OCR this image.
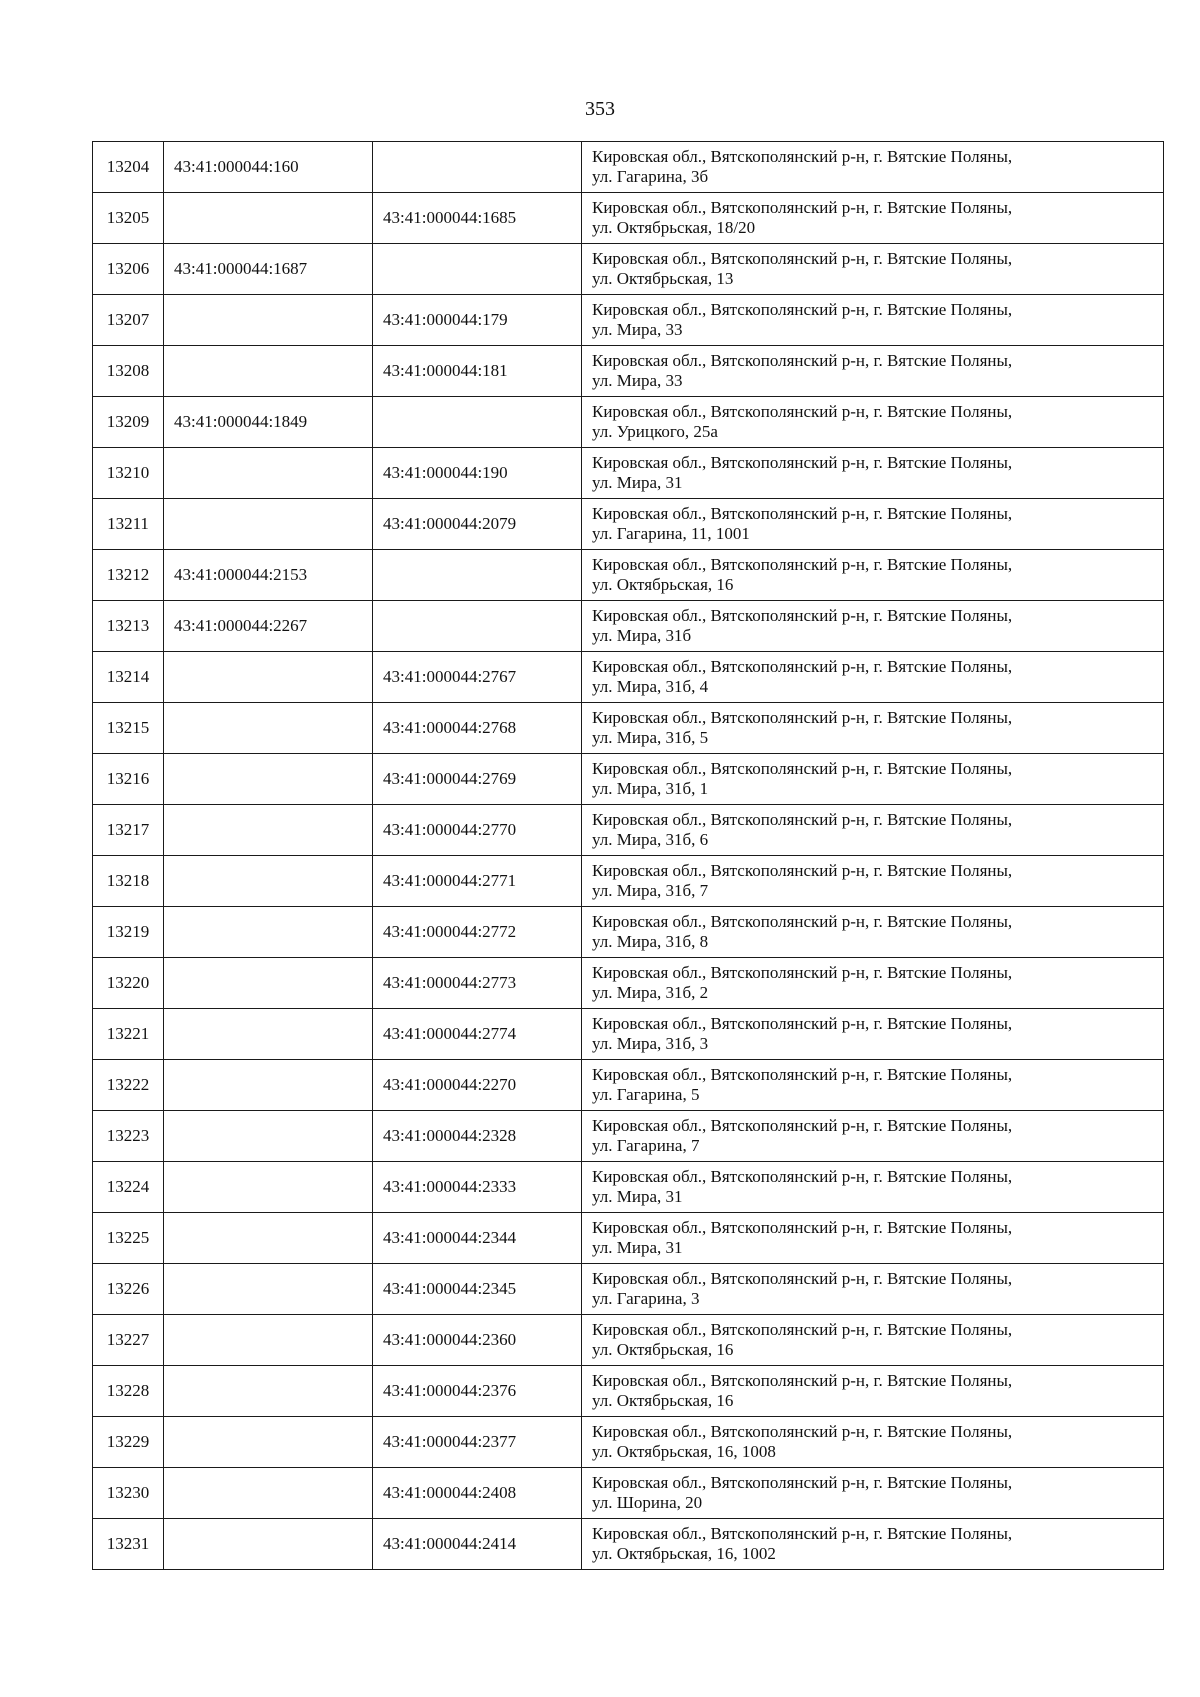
353
13204	43:41:000044:160		Кировская обл., Вятскополянский р-н, г. Вятские Поляны,
ул. Гагарина, 3б

13205		43:41:000044:1685	Кировская обл., Вятскополянский р-н, г. Вятские Поляны,
ул. Октябрьская, 18/20

13206	43:41:000044:1687		Кировская обл., Вятскополянский р-н, г. Вятские Поляны,
ул. Октябрьская, 13

13207		43:41:000044:179	Кировская обл., Вятскополянский р-н, г. Вятские Поляны,
ул. Мира, 33

13208		43:41:000044:181	Кировская обл., Вятскополянский р-н, г. Вятские Поляны,
ул. Мира, 33

13209	43:41:000044:1849		Кировская обл., Вятскополянский р-н, г. Вятские Поляны,
ул. Урицкого, 25а

13210		43:41:000044:190	Кировская обл., Вятскополянский р-н, г. Вятские Поляны,
ул. Мира, 31

13211		43:41:000044:2079	Кировская обл., Вятскополянский р-н, г. Вятские Поляны,
ул. Гагарина, 11, 1001

13212	43:41:000044:2153		Кировская обл., Вятскополянский р-н, г. Вятские Поляны,
ул. Октябрьская, 16

13213	43:41:000044:2267		Кировская обл., Вятскополянский р-н, г. Вятские Поляны,
ул. Мира, 31б

13214		43:41:000044:2767	Кировская обл., Вятскополянский р-н, г. Вятские Поляны,
ул. Мира, 31б, 4

13215		43:41:000044:2768	Кировская обл., Вятскополянский р-н, г. Вятские Поляны,
ул. Мира, 31б, 5

13216		43:41:000044:2769	Кировская обл., Вятскополянский р-н, г. Вятские Поляны,
ул. Мира, 31б, 1

13217		43:41:000044:2770	Кировская обл., Вятскополянский р-н, г. Вятские Поляны,
ул. Мира, 31б, 6

13218		43:41:000044:2771	Кировская обл., Вятскополянский р-н, г. Вятские Поляны,
ул. Мира, 31б, 7

13219		43:41:000044:2772	Кировская обл., Вятскополянский р-н, г. Вятские Поляны,
ул. Мира, 31б, 8

13220		43:41:000044:2773	Кировская обл., Вятскополянский р-н, г. Вятские Поляны,
ул. Мира, 31б, 2

13221		43:41:000044:2774	Кировская обл., Вятскополянский р-н, г. Вятские Поляны,
ул. Мира, 31б, 3

13222		43:41:000044:2270	Кировская обл., Вятскополянский р-н, г. Вятские Поляны,
ул. Гагарина, 5

13223		43:41:000044:2328	Кировская обл., Вятскополянский р-н, г. Вятские Поляны,
ул. Гагарина, 7

13224		43:41:000044:2333	Кировская обл., Вятскополянский р-н, г. Вятские Поляны,
ул. Мира, 31

13225		43:41:000044:2344	Кировская обл., Вятскополянский р-н, г. Вятские Поляны,
ул. Мира, 31

13226		43:41:000044:2345	Кировская обл., Вятскополянский р-н, г. Вятские Поляны,
ул. Гагарина, 3

13227		43:41:000044:2360	Кировская обл., Вятскополянский р-н, г. Вятские Поляны,
ул. Октябрьская, 16

13228		43:41:000044:2376	Кировская обл., Вятскополянский р-н, г. Вятские Поляны,
ул. Октябрьская, 16

13229		43:41:000044:2377	Кировская обл., Вятскополянский р-н, г. Вятские Поляны,
ул. Октябрьская, 16, 1008

13230		43:41:000044:2408	Кировская обл., Вятскополянский р-н, г. Вятские Поляны,
ул. Шорина, 20

13231		43:41:000044:2414	Кировская обл., Вятскополянский р-н, г. Вятские Поляны,
ул. Октябрьская, 16, 1002
